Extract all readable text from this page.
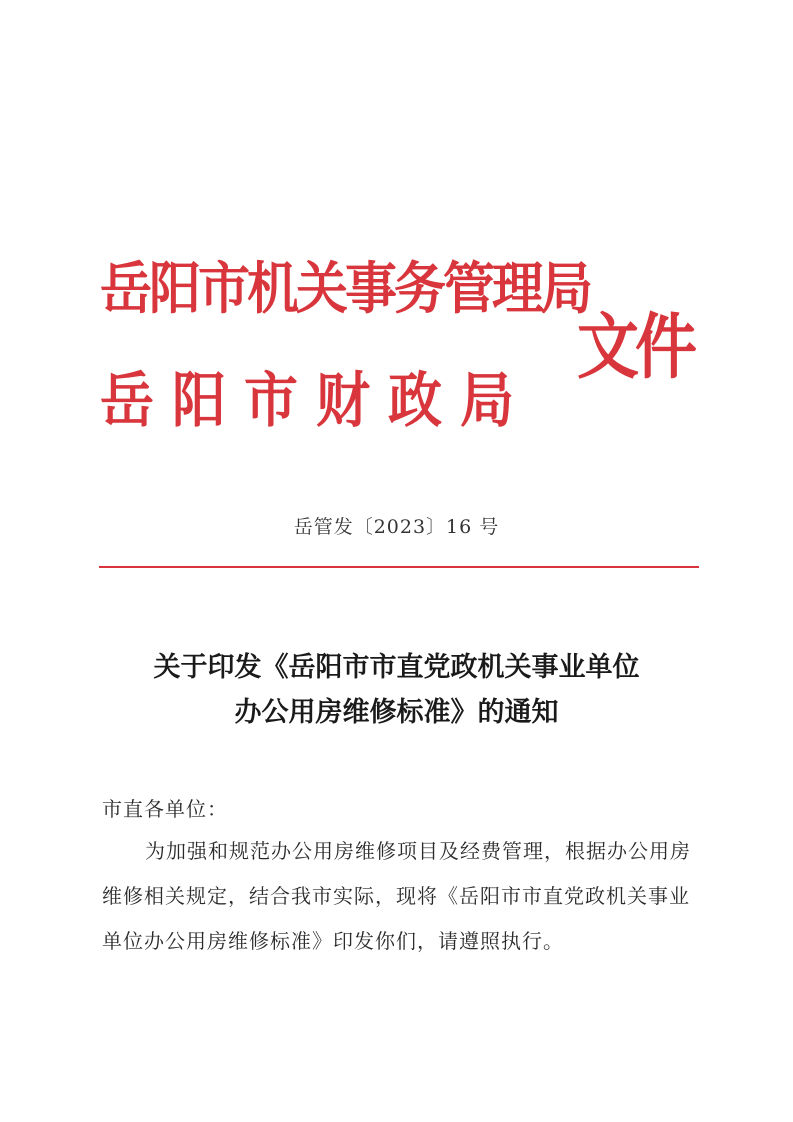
岳阳市机关事务管理局
岳阳市财政局
文件
岳管发〔2023〕16 号
关于印发《岳阳市市直党政机关事业单位
办公用房维修标准》的通知
市直各单位：
为加强和规范办公用房维修项目及经费管理，根据办公用房
维修相关规定，结合我市实际，现将《岳阳市市直党政机关事业
单位办公用房维修标准》印发你们，请遵照执行。
